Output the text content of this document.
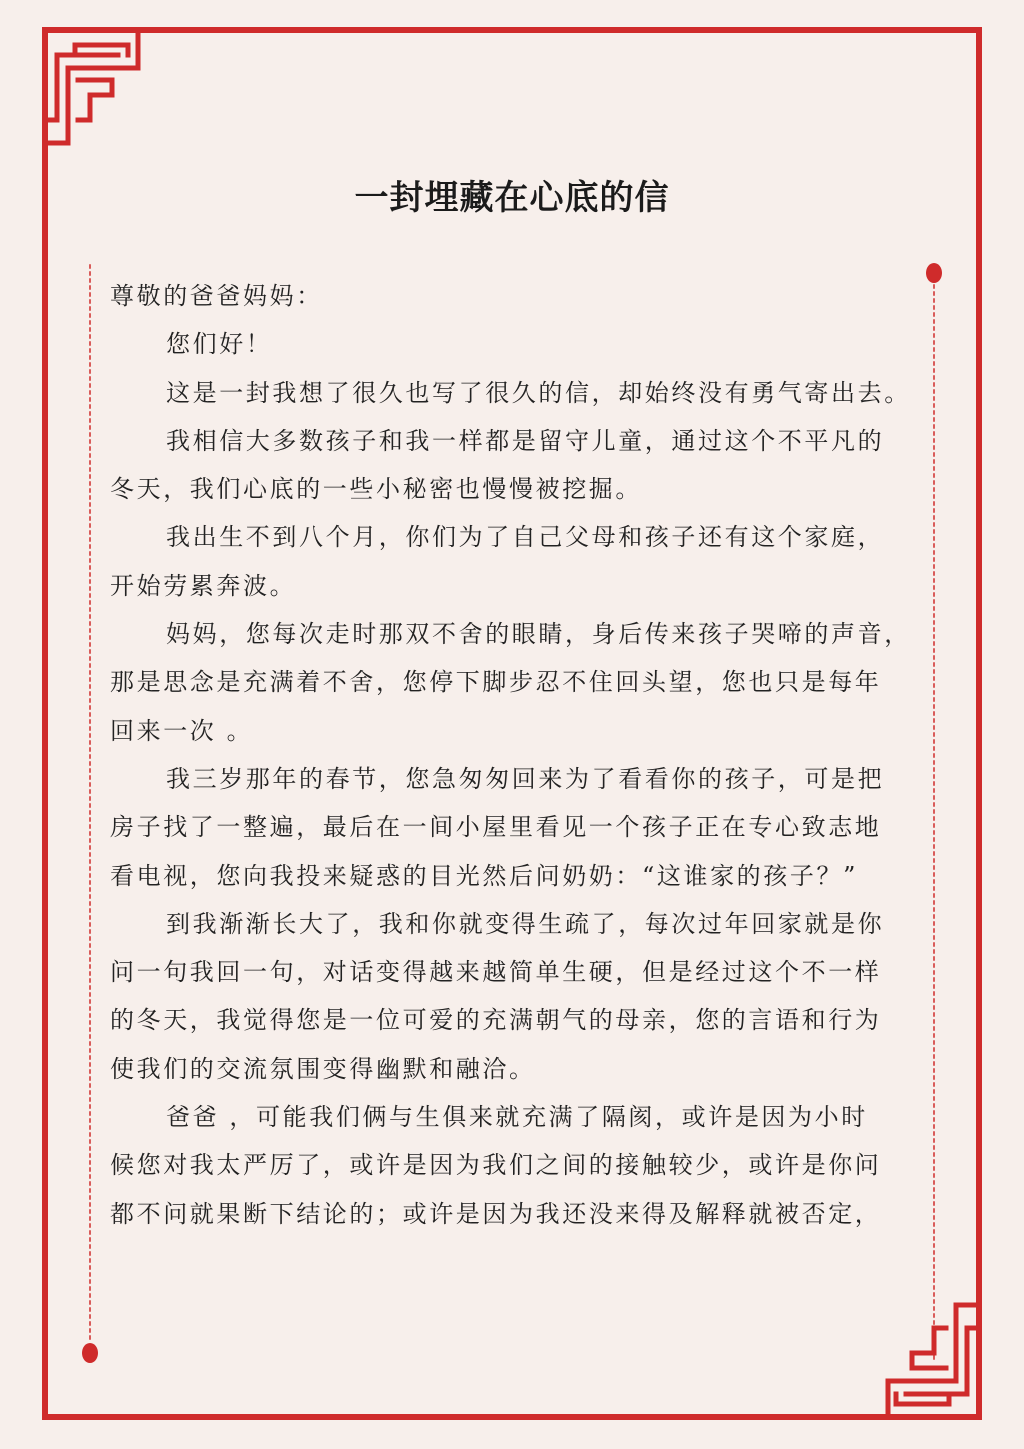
一封埋藏在心底的信
尊敬的爸爸妈妈：
您们好！
这是一封我想了很久也写了很久的信，却始终没有勇气寄出去。
我相信大多数孩子和我一样都是留守儿童，通过这个不平凡的
冬天，我们心底的一些小秘密也慢慢被挖掘。
我出生不到八个月，你们为了自己父母和孩子还有这个家庭，
开始劳累奔波。
妈妈，您每次走时那双不舍的眼睛，身后传来孩子哭啼的声音，
那是思念是充满着不舍，您停下脚步忍不住回头望，您也只是每年
回来一次 。
我三岁那年的春节，您急匆匆回来为了看看你的孩子，可是把
房子找了一整遍，最后在一间小屋里看见一个孩子正在专心致志地
看电视，您向我投来疑惑的目光然后问奶奶：“这谁家的孩子？”
到我渐渐长大了，我和你就变得生疏了，每次过年回家就是你
问一句我回一句，对话变得越来越简单生硬，但是经过这个不一样
的冬天，我觉得您是一位可爱的充满朝气的母亲，您的言语和行为
使我们的交流氛围变得幽默和融洽。
爸爸 ，可能我们俩与生俱来就充满了隔阂，或许是因为小时
候您对我太严厉了，或许是因为我们之间的接触较少，或许是你问
都不问就果断下结论的；或许是因为我还没来得及解释就被否定，
